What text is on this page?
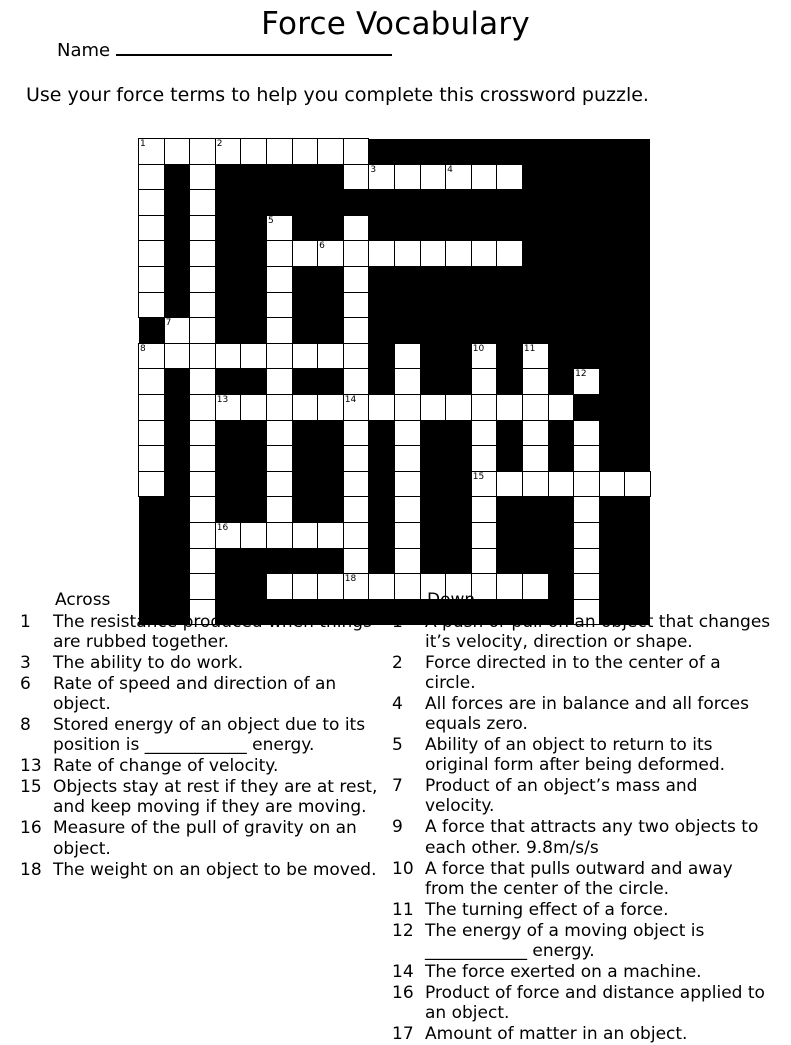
Force Vocabulary
Name
Use your force terms to help you complete this crossword puzzle.
1			2																

									3			4							

					5														

							6												

	7																		

8													10		11				

																	12		

			13					14											

													15						

			16																

								18											

Across
1	The resistance produced when things are rubbed together.
3	The ability to do work.
6	Rate of speed and direction of an object.
8	Stored energy of an object due to its position is ____________ energy.
13 Rate of change of velocity.
15 Objects stay at rest if they are at rest, and keep moving if they are moving.
16 Measure of the pull of gravity on an object.
18 The weight on an object to be moved.
Down
1	A push or pull on an object that changes it’s velocity, direction or shape.
2	Force directed in to the center of a circle.
4	All forces are in balance and all forces equals zero.
5	Ability of an object to return to its original form after being deformed.
7	Product of an object’s mass and velocity.
9	A force that attracts any two objects to each other. 9.8m/s/s
10 A force that pulls outward and away from the center of the circle.
11 The turning effect of a force.
12 The energy of a moving object is ____________ energy.
14 The force exerted on a machine.
16 Product of force and distance applied to an object.
17 Amount of matter in an object.
